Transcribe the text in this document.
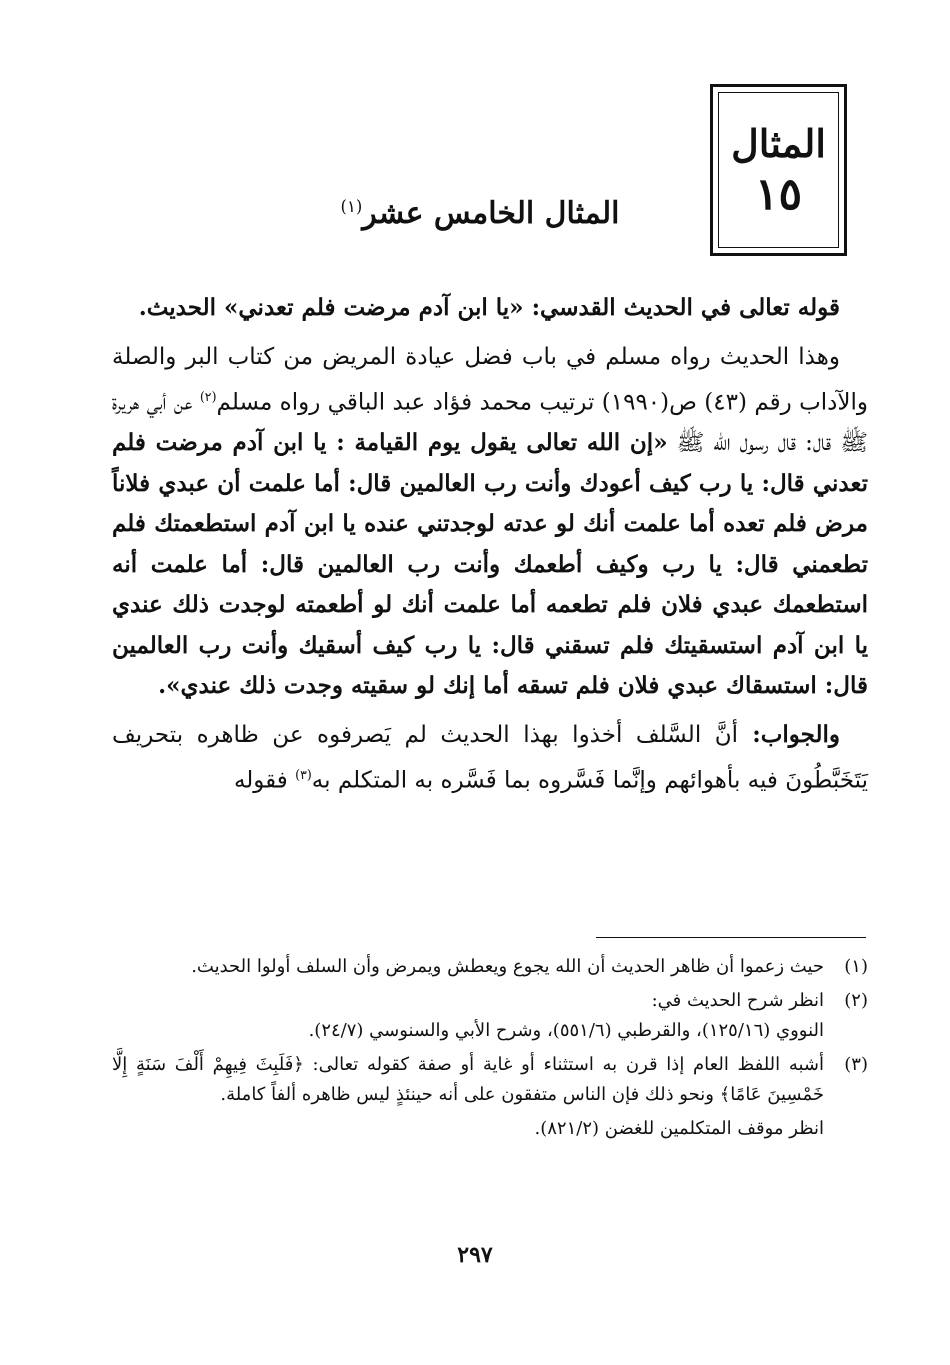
المثال
١٥
المثال الخامس عشر$^{(١)}$

قوله تعالى في الحديث القدسي: «يا ابن آدم مرضت فلم تعدني» الحديث.

وهذا الحديث رواه مسلم في باب فضل عيادة المريض من كتاب البر والصلة والآداب رقم (٤٣) ص(١٩٩٠) ترتيب محمد فؤاد عبد الباقي رواه مسلم$^{(٢)}$ عن أبي هريرة ﷺ قال: قال رسول الله ﷺ «إن الله تعالى يقول يوم القيامة : يا ابن آدم مرضت فلم تعدني قال: يا رب كيف أعودك وأنت رب العالمين قال: أما علمت أن عبدي فلاناً مرض فلم تعده أما علمت أنك لو عدته لوجدتني عنده يا ابن آدم استطعمتك فلم تطعمني قال: يا رب وكيف أطعمك وأنت رب العالمين قال: أما علمت أنه استطعمك عبدي فلان فلم تطعمه أما علمت أنك لو أطعمته لوجدت ذلك عندي يا ابن آدم استسقيتك فلم تسقني قال: يا رب كيف أسقيك وأنت رب العالمين قال: استسقاك عبدي فلان فلم تسقه أما إنك لو سقيته وجدت ذلك عندي».

والجواب: أنَّ السَّلف أخذوا بهذا الحديث لم يَصرفوه عن ظاهره بتحريف يَتَخَبَّطُونَ فيه بأهوائهم وإنَّما فَسَّروه بما فَسَّره به المتكلم به$^{(٣)}$ فقوله

(١)
حيث زعموا أن ظاهر الحديث أن الله يجوع ويعطش ويمرض وأن السلف أولوا الحديث.
(٢)
انظر شرح الحديث في:
النووي (١٢٥/١٦)، والقرطبي (٥٥١/٦)، وشرح الأبي والسنوسي (٢٤/٧).
(٣)
أشبه اللفظ العام إذا قرن به استثناء أو غاية أو صفة كقوله تعالى: ﴿فَلَبِثَ فِيهِمْ أَلْفَ سَنَةٍ إِلَّا خَمْسِينَ عَامًا﴾ ونحو ذلك فإن الناس متفقون على أنه حينئذٍ ليس ظاهره ألفاً كاملة.
انظر موقف المتكلمين للغضن (٨٢١/٢).
٢٩٧
